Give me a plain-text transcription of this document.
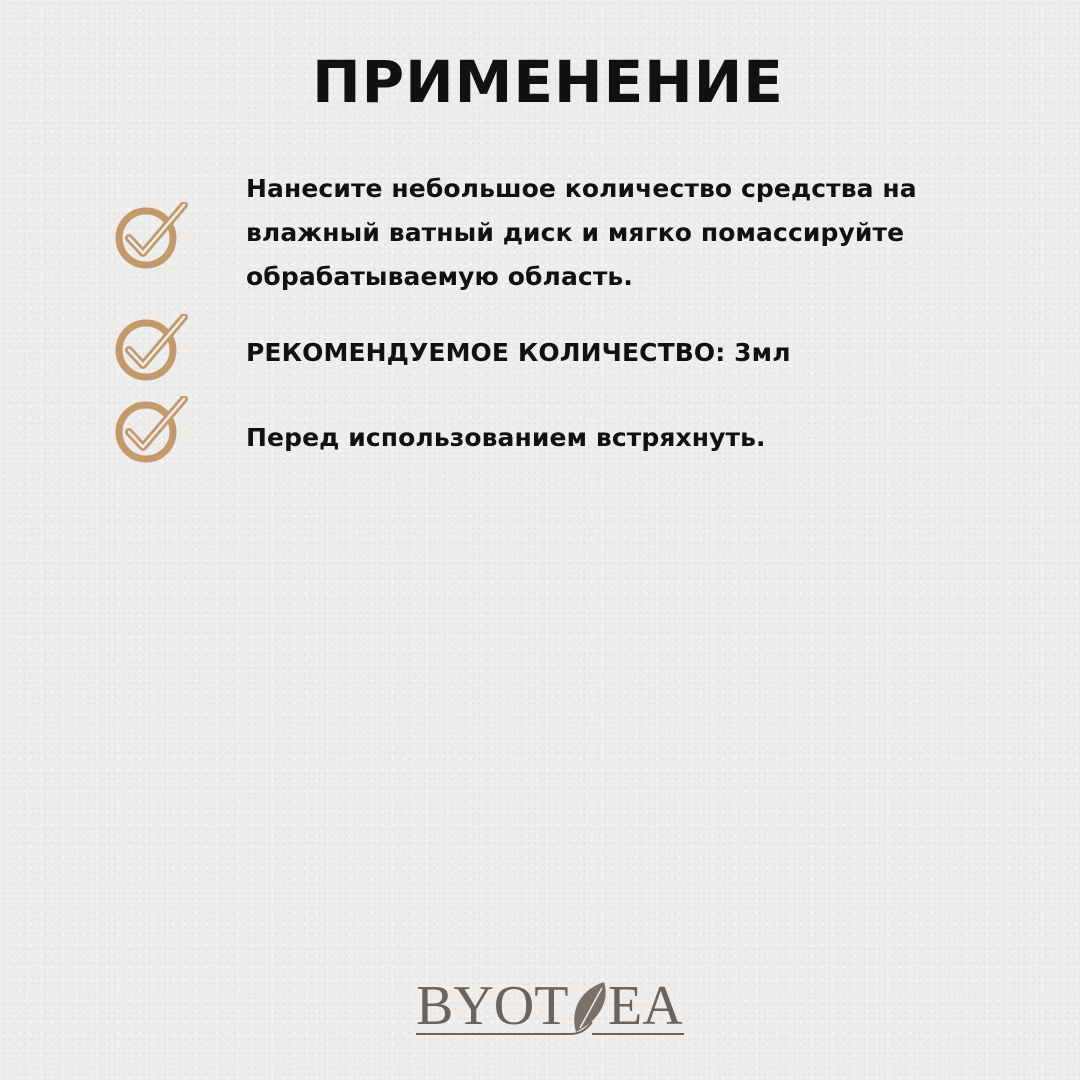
ПРИМЕНЕНИЕ

Нанесите небольшое количество средства на влажный ватный диск и мягко помассируйте обрабатываемую область.

РЕКОМЕНДУЕМОЕ КОЛИЧЕСТВО: 3мл

Перед использованием встряхнуть.

BYOT EA
